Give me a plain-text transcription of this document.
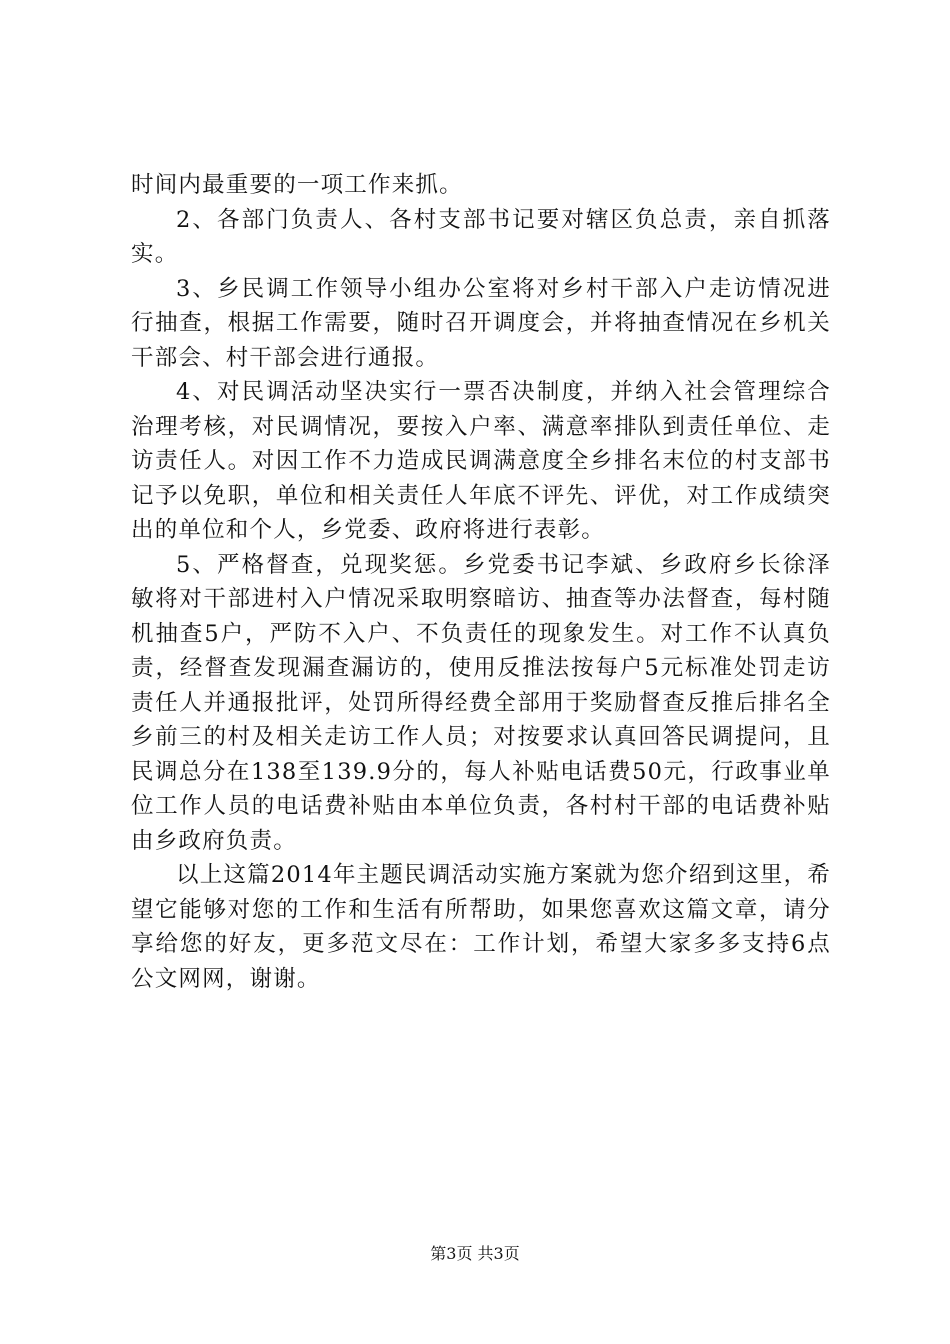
时间内最重要的一项工作来抓。

2、各部门负责人、各村支部书记要对辖区负总责，亲自抓落实。

3、乡民调工作领导小组办公室将对乡村干部入户走访情况进行抽查，根据工作需要，随时召开调度会，并将抽查情况在乡机关干部会、村干部会进行通报。

4、对民调活动坚决实行一票否决制度，并纳入社会管理综合治理考核，对民调情况，要按入户率、满意率排队到责任单位、走访责任人。对因工作不力造成民调满意度全乡排名末位的村支部书记予以免职，单位和相关责任人年底不评先、评优，对工作成绩突出的单位和个人，乡党委、政府将进行表彰。

5、严格督查，兑现奖惩。乡党委书记李斌、乡政府乡长徐泽敏将对干部进村入户情况采取明察暗访、抽查等办法督查，每村随机抽查5户，严防不入户、不负责任的现象发生。对工作不认真负责，经督查发现漏查漏访的，使用反推法按每户5元标准处罚走访责任人并通报批评，处罚所得经费全部用于奖励督查反推后排名全乡前三的村及相关走访工作人员；对按要求认真回答民调提问，且民调总分在138至139.9分的，每人补贴电话费50元，行政事业单位工作人员的电话费补贴由本单位负责，各村村干部的电话费补贴由乡政府负责。

以上这篇2014年主题民调活动实施方案就为您介绍到这里，希望它能够对您的工作和生活有所帮助，如果您喜欢这篇文章，请分享给您的好友，更多范文尽在：工作计划，希望大家多多支持6点公文网网，谢谢。

第3页 共3页
